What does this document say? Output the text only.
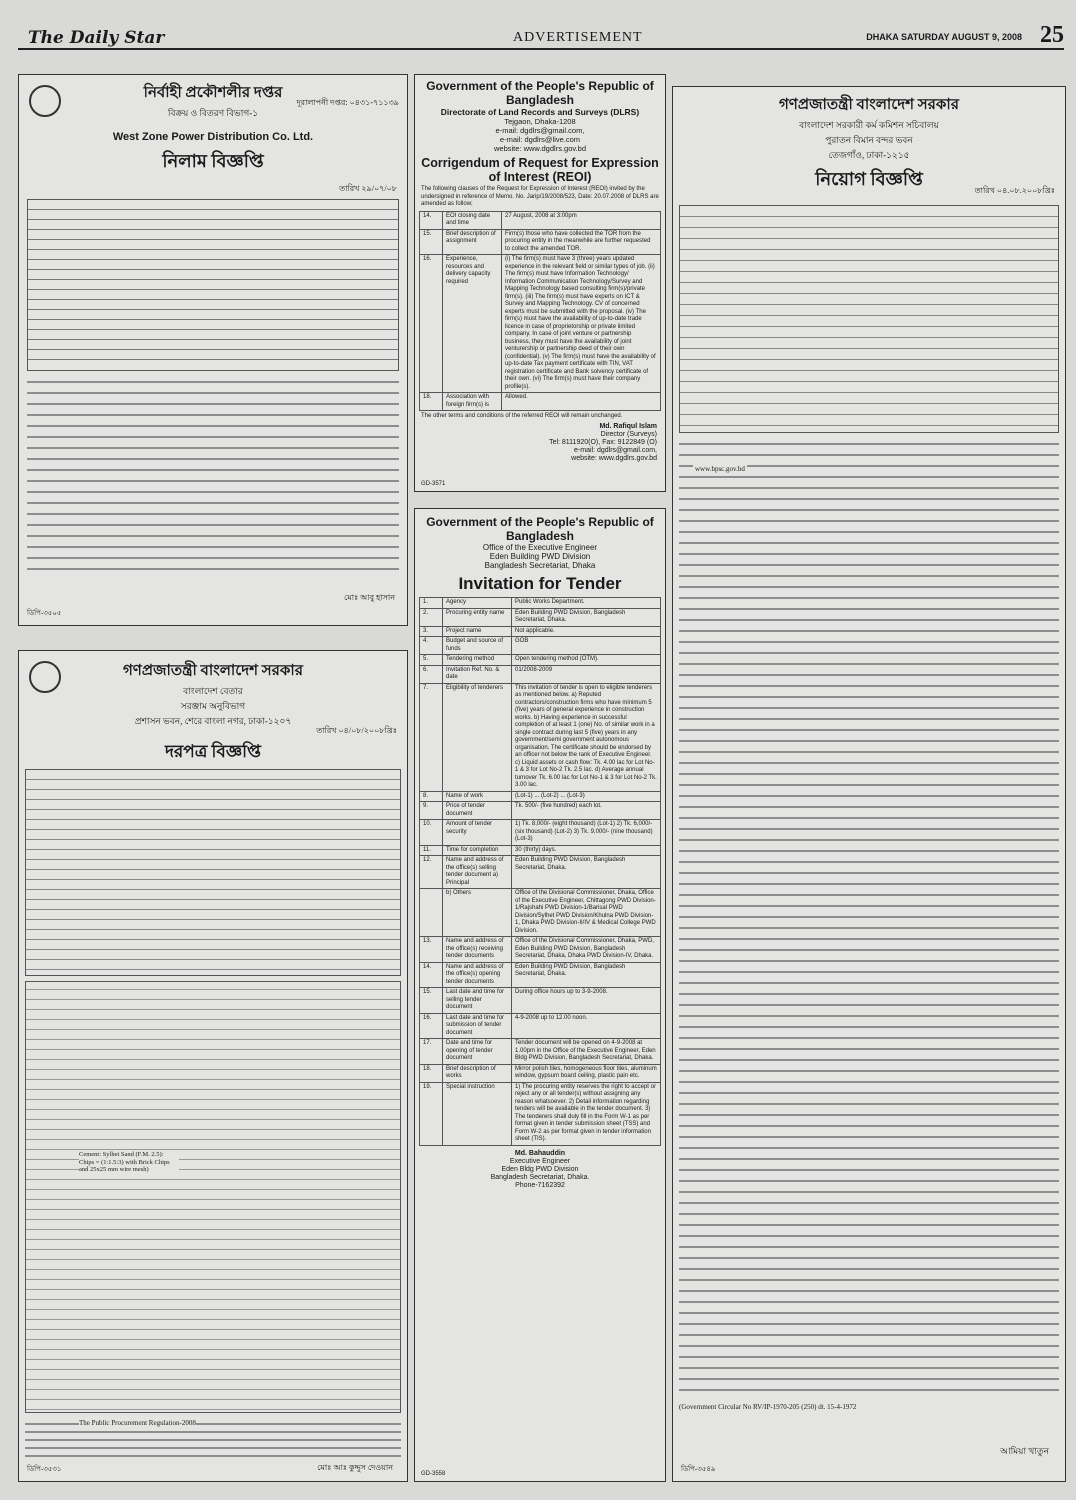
The Daily Star	ADVERTISEMENT	DHAKA SATURDAY AUGUST 9, 2008 25
নির্বাহী প্রকৌশলীর দপ্তর
বিক্রয় ও বিতরণ বিভাগ-১
দূরালাপনী দপ্তর: ০৪৩১-৭১১৩৯
West Zone Power Distribution Co. Ltd.
নিলাম বিজ্ঞপ্তি
তারিখ ২৯/০৭/০৮
মোঃ আবু হাসান
ডিপি-৩৫০৫
Government of the People's Republic of Bangladesh
Directorate of Land Records and Surveys (DLRS)
Tejgaon, Dhaka-1208
e-mail: dgdlrs@gmail.com,
e-mail: dgdlrs@live.com
website: www.dgdlrs.gov.bd
Corrigendum of Request for Expression of Interest (REOI)
The following clauses of the Request for Expression of Interest (REOI) invited by the undersigned in reference of Memo. No. Jarip/19/2008/523, Date: 20.07.2008 of DLRS are amended as follow;
14.	EOI closing date and time	27 August, 2008 at 3:00pm
15.	Brief description of assignment	Firm(s) those who have collected the TOR from the procuring entity in the meanwhile are further requested to collect the amended TOR.
16.	Experience, resources and delivery capacity required	(i) The firm(s) must have 3 (three) years updated experience in the relevant field or similar types of job. (ii) The firm(s) must have Information Technology/ Information Communication Technology/Survey and Mapping Technology based consulting firm(s)/private firm(s). (iii) The firm(s) must have experts on ICT & Survey and Mapping Technology. CV of concerned experts must be submitted with the proposal. (iv) The firm(s) must have the availability of up-to-date trade licence in case of proprietorship or private limited company. In case of joint venture or partnership business, they must have the availability of joint venturership or partnership deed of their own (confidential). (v) The firm(s) must have the availability of up-to-date Tax payment certificate with TIN, VAT registration certificate and Bank solvency certificate of their own. (vi) The firm(s) must have their company profile(s).
18.	Association with foreign firm(s) is	Allowed.
The other terms and conditions of the referred REOI will remain unchanged.
Md. Rafiqul Islam
Director (Surveys)
Tel: 8111920(O), Fax: 9122849 (O)
e-mail: dgdlrs@gmail.com,
website: www.dgdlrs.gov.bd
GD-3571
গণপ্রজাতন্ত্রী বাংলাদেশ সরকার
বাংলাদেশ সরকারী কর্ম কমিশন সচিবালয়
পুরাতন বিমান বন্দর ভবন
তেজগাঁও, ঢাকা-১২১৫
নিয়োগ বিজ্ঞপ্তি
তারিখ ০৪.০৮.২০০৮খ্রিঃ
www.bpsc.gov.bd
(Government Circular No RV/IP-1970-205 (250) dt. 15-4-1972
আমিয়া খাতুন
ডিপি-৩৫৪৯
গণপ্রজাতন্ত্রী বাংলাদেশ সরকার
বাংলাদেশ বেতার
সরঞ্জাম অনুবিভাগ
প্রশাসন ভবন, শেরে বাংলা নগর, ঢাকা-১২০৭
তারিখ ০৪/০৮/২০০৮খ্রিঃ
দরপত্র বিজ্ঞপ্তি
Cement: Sylhet Sand (F.M. 2.5): Chips = (1:1.5:3) with Brick Chips and 25x25 mm wire mesh)
The Public Procurement Regulation-2008
মোঃ আঃ কুদ্দুস দেওয়ান
ডিপি-৩৫৩১
Government of the People's Republic of Bangladesh
Office of the Executive Engineer
Eden Building PWD Division
Bangladesh Secretariat, Dhaka
Invitation for Tender
1.	Agency	Public Works Department.
2.	Procuring entity name	Eden Building PWD Division, Bangladesh Secretariat, Dhaka.
3.	Project name	Not applicable.
4.	Budget and source of funds	GOB
5.	Tendering method	Open tendering method (OTM).
6.	Invitation Ref. No. & date	01/2008-2009
7.	Eligibility of tenderers	This invitation of tender is open to eligible tenderers as mentioned below. a) Reputed contractors/construction firms who have minimum 5 (five) years of general experience in construction works. b) Having experience in successful completion of at least 1 (one) No. of similar work in a single contract during last 5 (five) years in any government/semi government autonomous organisation. The certificate should be endorsed by an officer not below the rank of Executive Engineer. c) Liquid assets or cash flow: Tk. 4.00 lac for Lot No-1 & 3 for Lot No-2 Tk. 2.5 lac. d) Average annual turnover Tk. 6.00 lac for Lot No-1 & 3 for Lot No-2 Tk. 3.00 lac.
8.	Name of work	(Lot-1) ... (Lot-2) ... (Lot-3)
9.	Price of tender document	Tk. 500/- (five hundred) each lot.
10.	Amount of tender security	1) Tk. 8,000/- (eight thousand) (Lot-1) 2) Tk. 6,000/- (six thousand) (Lot-2) 3) Tk. 9,000/- (nine thousand) (Lot-3)
11.	Time for completion	30 (thirty) days.
12.	Name and address of the office(s) selling tender document a) Principal	Eden Building PWD Division, Bangladesh Secretariat, Dhaka.
	b) Others	Office of the Divisional Commissioner, Dhaka, Office of the Executive Engineer, Chittagong PWD Division-1/Rajshahi PWD Division-1/Barisal PWD Division/Sylhet PWD Division/Khulna PWD Division-1, Dhaka PWD Division-II/IV & Medical College PWD Division.
13.	Name and address of the office(s) receiving tender documents	Office of the Divisional Commissioner, Dhaka, PWD, Eden Building PWD Division, Bangladesh Secretariat, Dhaka, Dhaka PWD Division-IV, Dhaka.
14.	Name and address of the office(s) opening tender documents	Eden Building PWD Division, Bangladesh Secretariat, Dhaka.
15.	Last date and time for selling tender document	During office hours up to 3-9-2008.
16.	Last date and time for submission of tender document	4-9-2008 up to 12.00 noon.
17.	Date and time for opening of tender document	Tender document will be opened on 4-9-2008 at 1.00pm in the Office of the Executive Engineer, Eden Bldg PWD Division, Bangladesh Secretariat, Dhaka.
18.	Brief description of works	Mirror polish tiles, homogeneous floor tiles, aluminum window, gypsum board ceiling, plastic pain etc.
19.	Special instruction	1) The procuring entity reserves the right to accept or reject any or all tender(s) without assigning any reason whatsoever. 2) Detail information regarding tenders will be available in the tender document. 3) The tenderers shall duly fill in the Form W-1 as per format given in tender submission sheet (TSS) and Form W-2 as per format given in tender information sheet (TIS).
Md. Bahauddin
Executive Engineer
Eden Bldg PWD Division
Bangladesh Secretariat, Dhaka.
Phone-7162392
GD-3558
